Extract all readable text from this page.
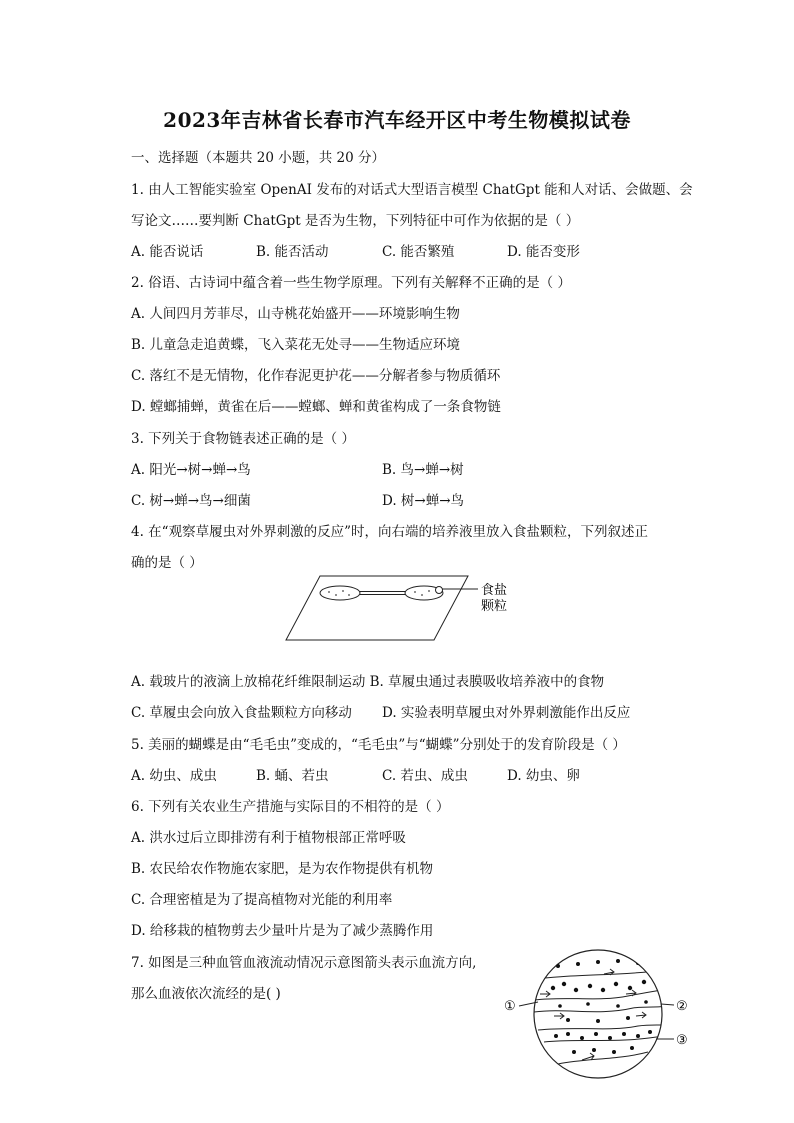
2023年吉林省长春市汽车经开区中考生物模拟试卷
一、选择题（本题共 20 小题，共 20 分）
1. 由人工智能实验室 OpenAI 发布的对话式大型语言模型 ChatGpt 能和人对话、会做题、会
写论文……要判断 ChatGpt 是否为生物，下列特征中可作为依据的是（ ）
A. 能否说话	B. 能否活动	C. 能否繁殖	D. 能否变形
2. 俗语、古诗词中蕴含着一些生物学原理。下列有关解释不正确的是（ ）
A. 人间四月芳菲尽，山寺桃花始盛开——环境影响生物
B. 儿童急走追黄蝶，飞入菜花无处寻——生物适应环境
C. 落红不是无情物，化作春泥更护花——分解者参与物质循环
D. 螳螂捕蝉，黄雀在后——螳螂、蝉和黄雀构成了一条食物链
3. 下列关于食物链表述正确的是（ ）
A. 阳光→树→蝉→鸟	B. 鸟→蝉→树
C. 树→蝉→鸟→细菌	D. 树→蝉→鸟
4. 在“观察草履虫对外界刺激的反应”时，向右端的培养液里放入食盐颗粒，下列叙述正
确的是（ ）
食盐
颗粒
A. 载玻片的液滴上放棉花纤维限制运动 B. 草履虫通过表膜吸收培养液中的食物
C. 草履虫会向放入食盐颗粒方向移动 D. 实验表明草履虫对外界刺激能作出反应
5. 美丽的蝴蝶是由“毛毛虫”变成的，“毛毛虫”与“蝴蝶”分别处于的发育阶段是（ ）
A. 幼虫、成虫	B. 蛹、若虫	C. 若虫、成虫	D. 幼虫、卵
6. 下列有关农业生产措施与实际目的不相符的是（ ）
A. 洪水过后立即排涝有利于植物根部正常呼吸
B. 农民给农作物施农家肥，是为农作物提供有机物
C. 合理密植是为了提高植物对光能的利用率
D. 给移栽的植物剪去少量叶片是为了减少蒸腾作用
7. 如图是三种血管血液流动情况示意图箭头表示血流方向,
那么血液依次流经的是( )
①	②
③
